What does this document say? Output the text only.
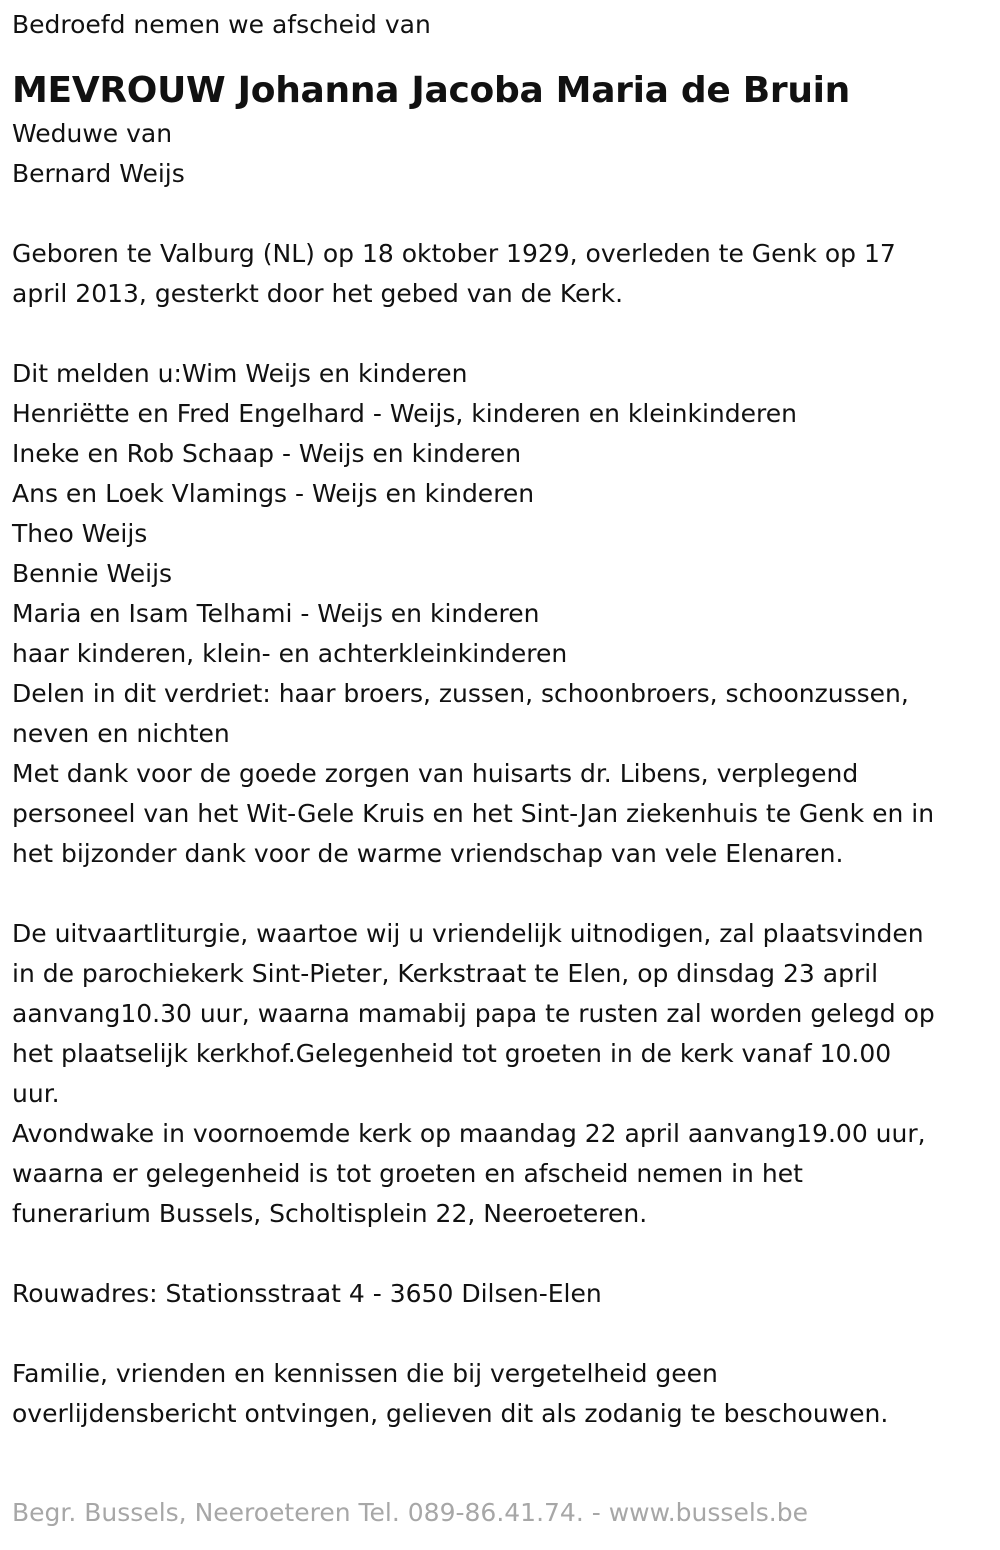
Bedroefd nemen we afscheid van

MEVROUW Johanna Jacoba Maria de Bruin

Weduwe van

Bernard Weijs

Geboren te Valburg (NL) op 18 oktober 1929, overleden te Genk op 17

april 2013, gesterkt door het gebed van de Kerk.

Dit melden u:Wim Weijs en kinderen

Henriëtte en Fred Engelhard - Weijs, kinderen en kleinkinderen

Ineke en Rob Schaap - Weijs en kinderen

Ans en Loek Vlamings - Weijs en kinderen

Theo Weijs

Bennie Weijs

Maria en Isam Telhami - Weijs en kinderen

haar kinderen, klein- en achterkleinkinderen

Delen in dit verdriet: haar broers, zussen, schoonbroers, schoonzussen,

neven en nichten

Met dank voor de goede zorgen van huisarts dr. Libens, verplegend

personeel van het Wit-Gele Kruis en het Sint-Jan ziekenhuis te Genk en in

het bijzonder dank voor de warme vriendschap van vele Elenaren.

De uitvaartliturgie, waartoe wij u vriendelijk uitnodigen, zal plaatsvinden

in de parochiekerk Sint-Pieter, Kerkstraat te Elen, op dinsdag 23 april

aanvang10.30 uur, waarna mamabij papa te rusten zal worden gelegd op

het plaatselijk kerkhof.Gelegenheid tot groeten in de kerk vanaf 10.00

uur.

Avondwake in voornoemde kerk op maandag 22 april aanvang19.00 uur,

waarna er gelegenheid is tot groeten en afscheid nemen in het

funerarium Bussels, Scholtisplein 22, Neeroeteren.

Rouwadres: Stationsstraat 4 - 3650 Dilsen-Elen

Familie, vrienden en kennissen die bij vergetelheid geen

overlijdensbericht ontvingen, gelieven dit als zodanig te beschouwen.

Begr. Bussels, Neeroeteren Tel. 089-86.41.74. - www.bussels.be
